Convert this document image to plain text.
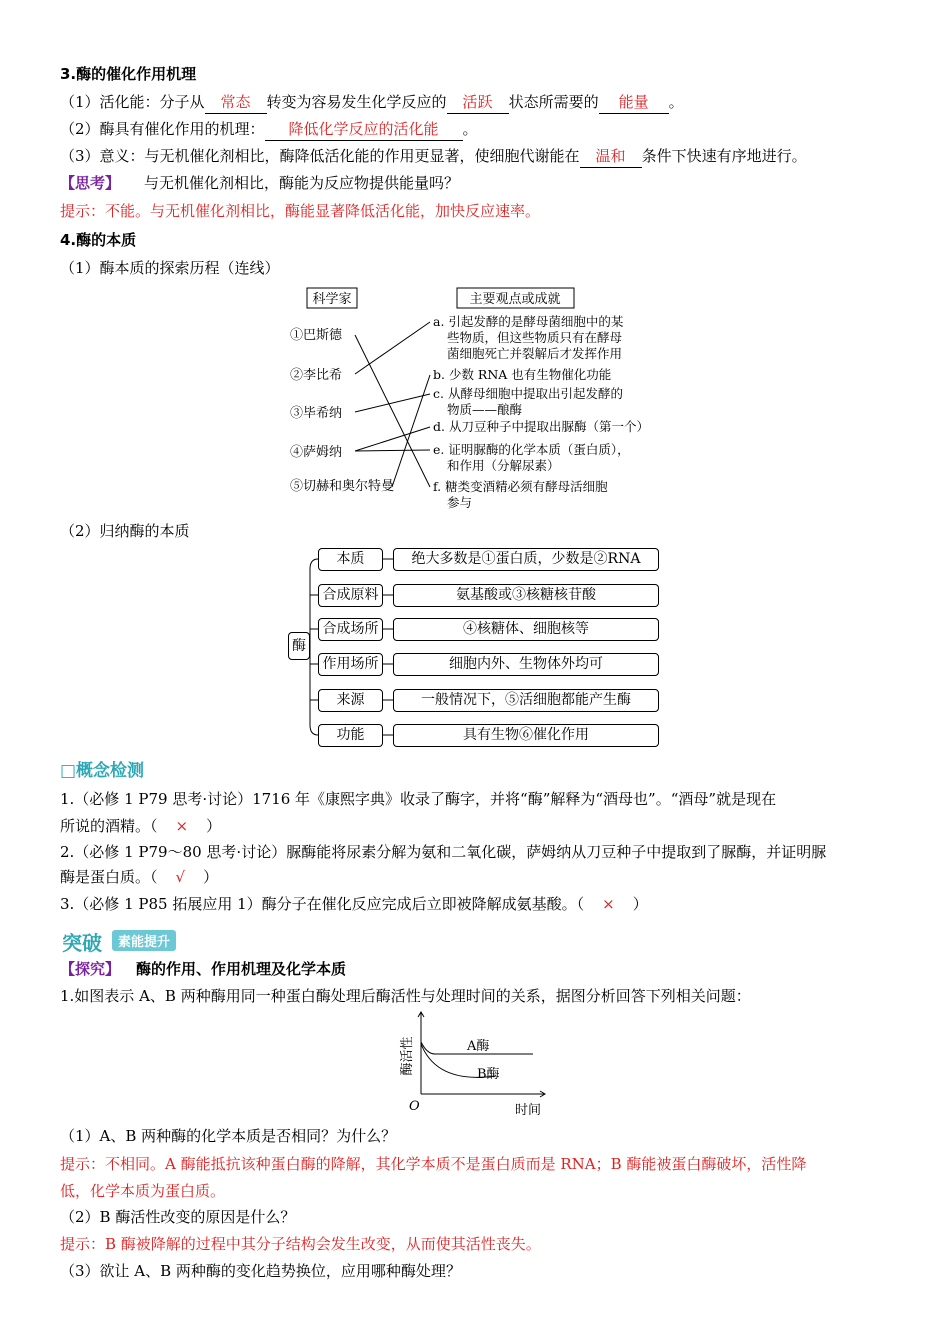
3.酶的催化作用机理
（1）活化能：分子从 常态 转变为容易发生化学反应的 活跃 状态所需要的 能量 。
（2）酶具有催化作用的机理： 降低化学反应的活化能 。
（3）意义：与无机催化剂相比，酶降低活化能的作用更显著，使细胞代谢能在 温和 条件下快速有序地进行。
【思考】 与无机催化剂相比，酶能为反应物提供能量吗？
提示：不能。与无机催化剂相比，酶能显著降低活化能，加快反应速率。
4.酶的本质
（1）酶本质的探索历程（连线）
科学家	主要观点或成就
①巴斯德
②李比希
③毕希纳
④萨姆纳
⑤切赫和奥尔特曼
a. 引起发酵的是酵母菌细胞中的某
些物质，但这些物质只有在酵母
菌细胞死亡并裂解后才发挥作用
b. 少数 RNA 也有生物催化功能
c. 从酵母细胞中提取出引起发酵的
物质——酿酶
d. 从刀豆种子中提取出脲酶（第一个）
e. 证明脲酶的化学本质（蛋白质），
和作用（分解尿素）
f. 糖类变酒精必须有酵母活细胞
参与
（2）归纳酶的本质
酶
本质	绝大多数是①蛋白质，少数是②RNA
合成原料	氨基酸或③核糖核苷酸
合成场所	④核糖体、细胞核等
作用场所	细胞内外、生物体外均可
来源	一般情况下，⑤活细胞都能产生酶
功能	具有生物⑥催化作用
□概念检测
1.（必修 1 P79 思考·讨论）1716 年《康熙字典》收录了酶字，并将“酶”解释为“酒母也”。“酒母”就是现在
所说的酒精。（ × ）
2.（必修 1 P79～80 思考·讨论）脲酶能将尿素分解为氨和二氧化碳，萨姆纳从刀豆种子中提取到了脲酶，并证明脲
酶是蛋白质。（ √ ）
3.（必修 1 P85 拓展应用 1）酶分子在催化反应完成后立即被降解成氨基酸。（ × ）
突破	素能提升
【探究】 酶的作用、作用机理及化学本质
1.如图表示 A、B 两种酶用同一种蛋白酶处理后酶活性与处理时间的关系，据图分析回答下列相关问题：
A酶
B酶
O	时间
酶活性
（1）A、B 两种酶的化学本质是否相同？为什么？
提示：不相同。A 酶能抵抗该种蛋白酶的降解，其化学本质不是蛋白质而是 RNA；B 酶能被蛋白酶破坏，活性降
低，化学本质为蛋白质。
（2）B 酶活性改变的原因是什么？
提示：B 酶被降解的过程中其分子结构会发生改变，从而使其活性丧失。
（3）欲让 A、B 两种酶的变化趋势换位，应用哪种酶处理？
